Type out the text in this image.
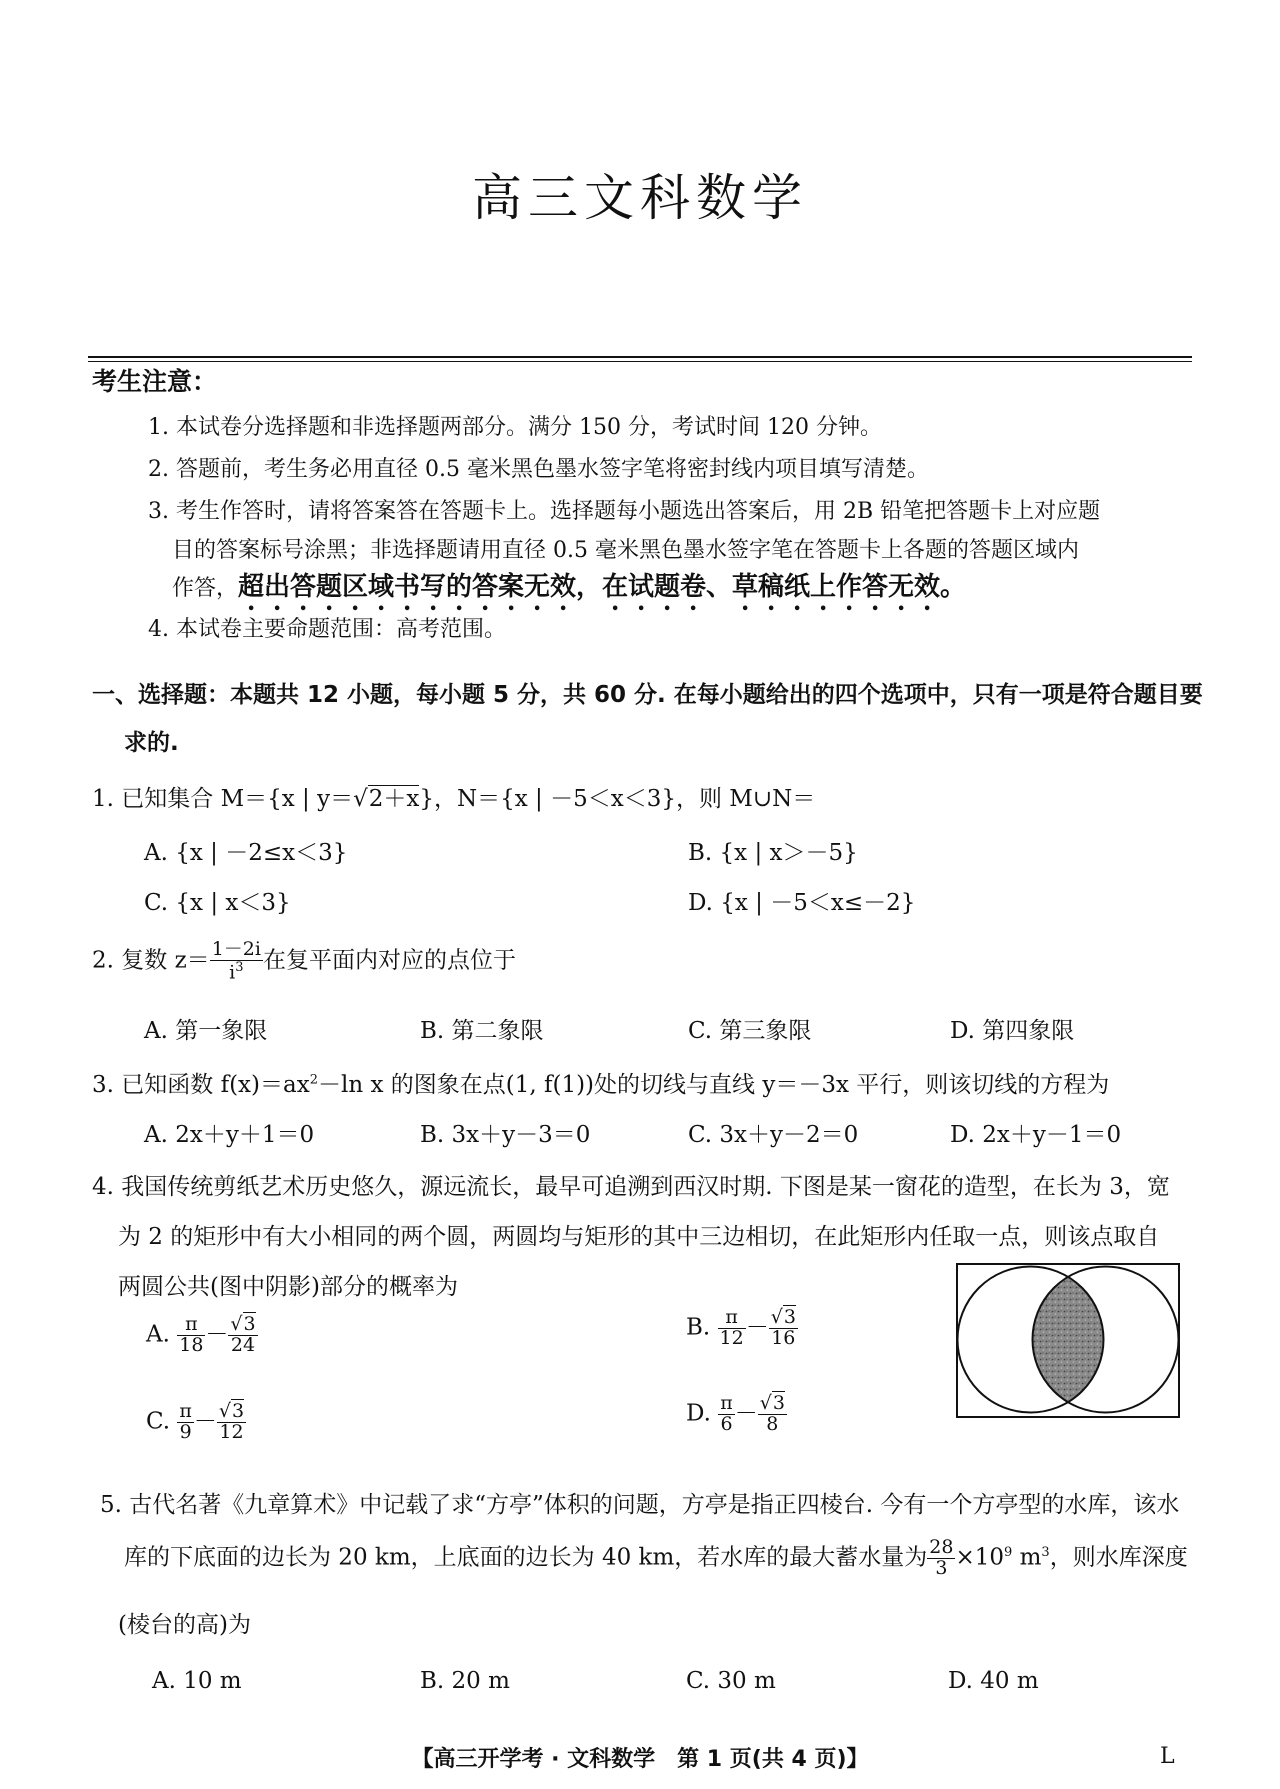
高三文科数学
考生注意：
1. 本试卷分选择题和非选择题两部分。满分 150 分，考试时间 120 分钟。
2. 答题前，考生务必用直径 0.5 毫米黑色墨水签字笔将密封线内项目填写清楚。
3. 考生作答时，请将答案答在答题卡上。选择题每小题选出答案后，用 2B 铅笔把答题卡上对应题
目的答案标号涂黑；非选择题请用直径 0.5 毫米黑色墨水签字笔在答题卡上各题的答题区域内
作答，超出答题区域书写的答案无效，在试题卷、草稿纸上作答无效。
4. 本试卷主要命题范围：高考范围。
一、选择题：本题共 12 小题，每小题 5 分，共 60 分. 在每小题给出的四个选项中，只有一项是符合题目要
求的.
1. 已知集合 M＝{x | y＝√2＋x}，N＝{x | －5＜x＜3}，则 M∪N＝
A. {x | －2≤x＜3}	B. {x | x＞－5}
C. {x | x＜3}	D. {x | －5＜x≤－2}
2. 复数 $z= \frac{1-2i}{i^3}$ 在复平面内对应的点位于
A. 第一象限	B. 第二象限	C. 第三象限	D. 第四象限
3. 已知函数 $f(x)=ax^2-\ln$ x 的图象在点(1, f(1))处的切线与直线 y＝－3x 平行，则该切线的方程为
A. 2x＋y＋1＝0	B. 3x＋y－3＝0	C. 3x＋y－2＝0	D. 2x＋y－1＝0
4. 我国传统剪纸艺术历史悠久，源远流长，最早可追溯到西汉时期. 下图是某一窗花的造型，在长为 3，宽
为 2 的矩形中有大小相同的两个圆，两圆均与矩形的其中三边相切，在此矩形内任取一点，则该点取自
两圆公共(图中阴影)部分的概率为
A. $\frac{\pi}{18} - \frac{√3}{24}$	B. $\frac{\pi}{12} - \frac{√3}{16}$
C. $\frac{\pi}{9} - \frac{√3}{12}$	D. $\frac{\pi}{6} - \frac{√3}{8}$
5. 古代名著《九章算术》中记载了求“方亭”体积的问题，方亭是指正四棱台. 今有一个方亭型的水库，该水
库的下底面的边长为 20 km，上底面的边长为 40 km，若水库的最大蓄水量为 $\frac{28}{3} \times 10^9$ $m^3$，则水库深度
(棱台的高)为
A. 10 m	B. 20 m	C. 30 m	D. 40 m
【高三开学考 · 文科数学　第 1 页(共 4 页)】	L
